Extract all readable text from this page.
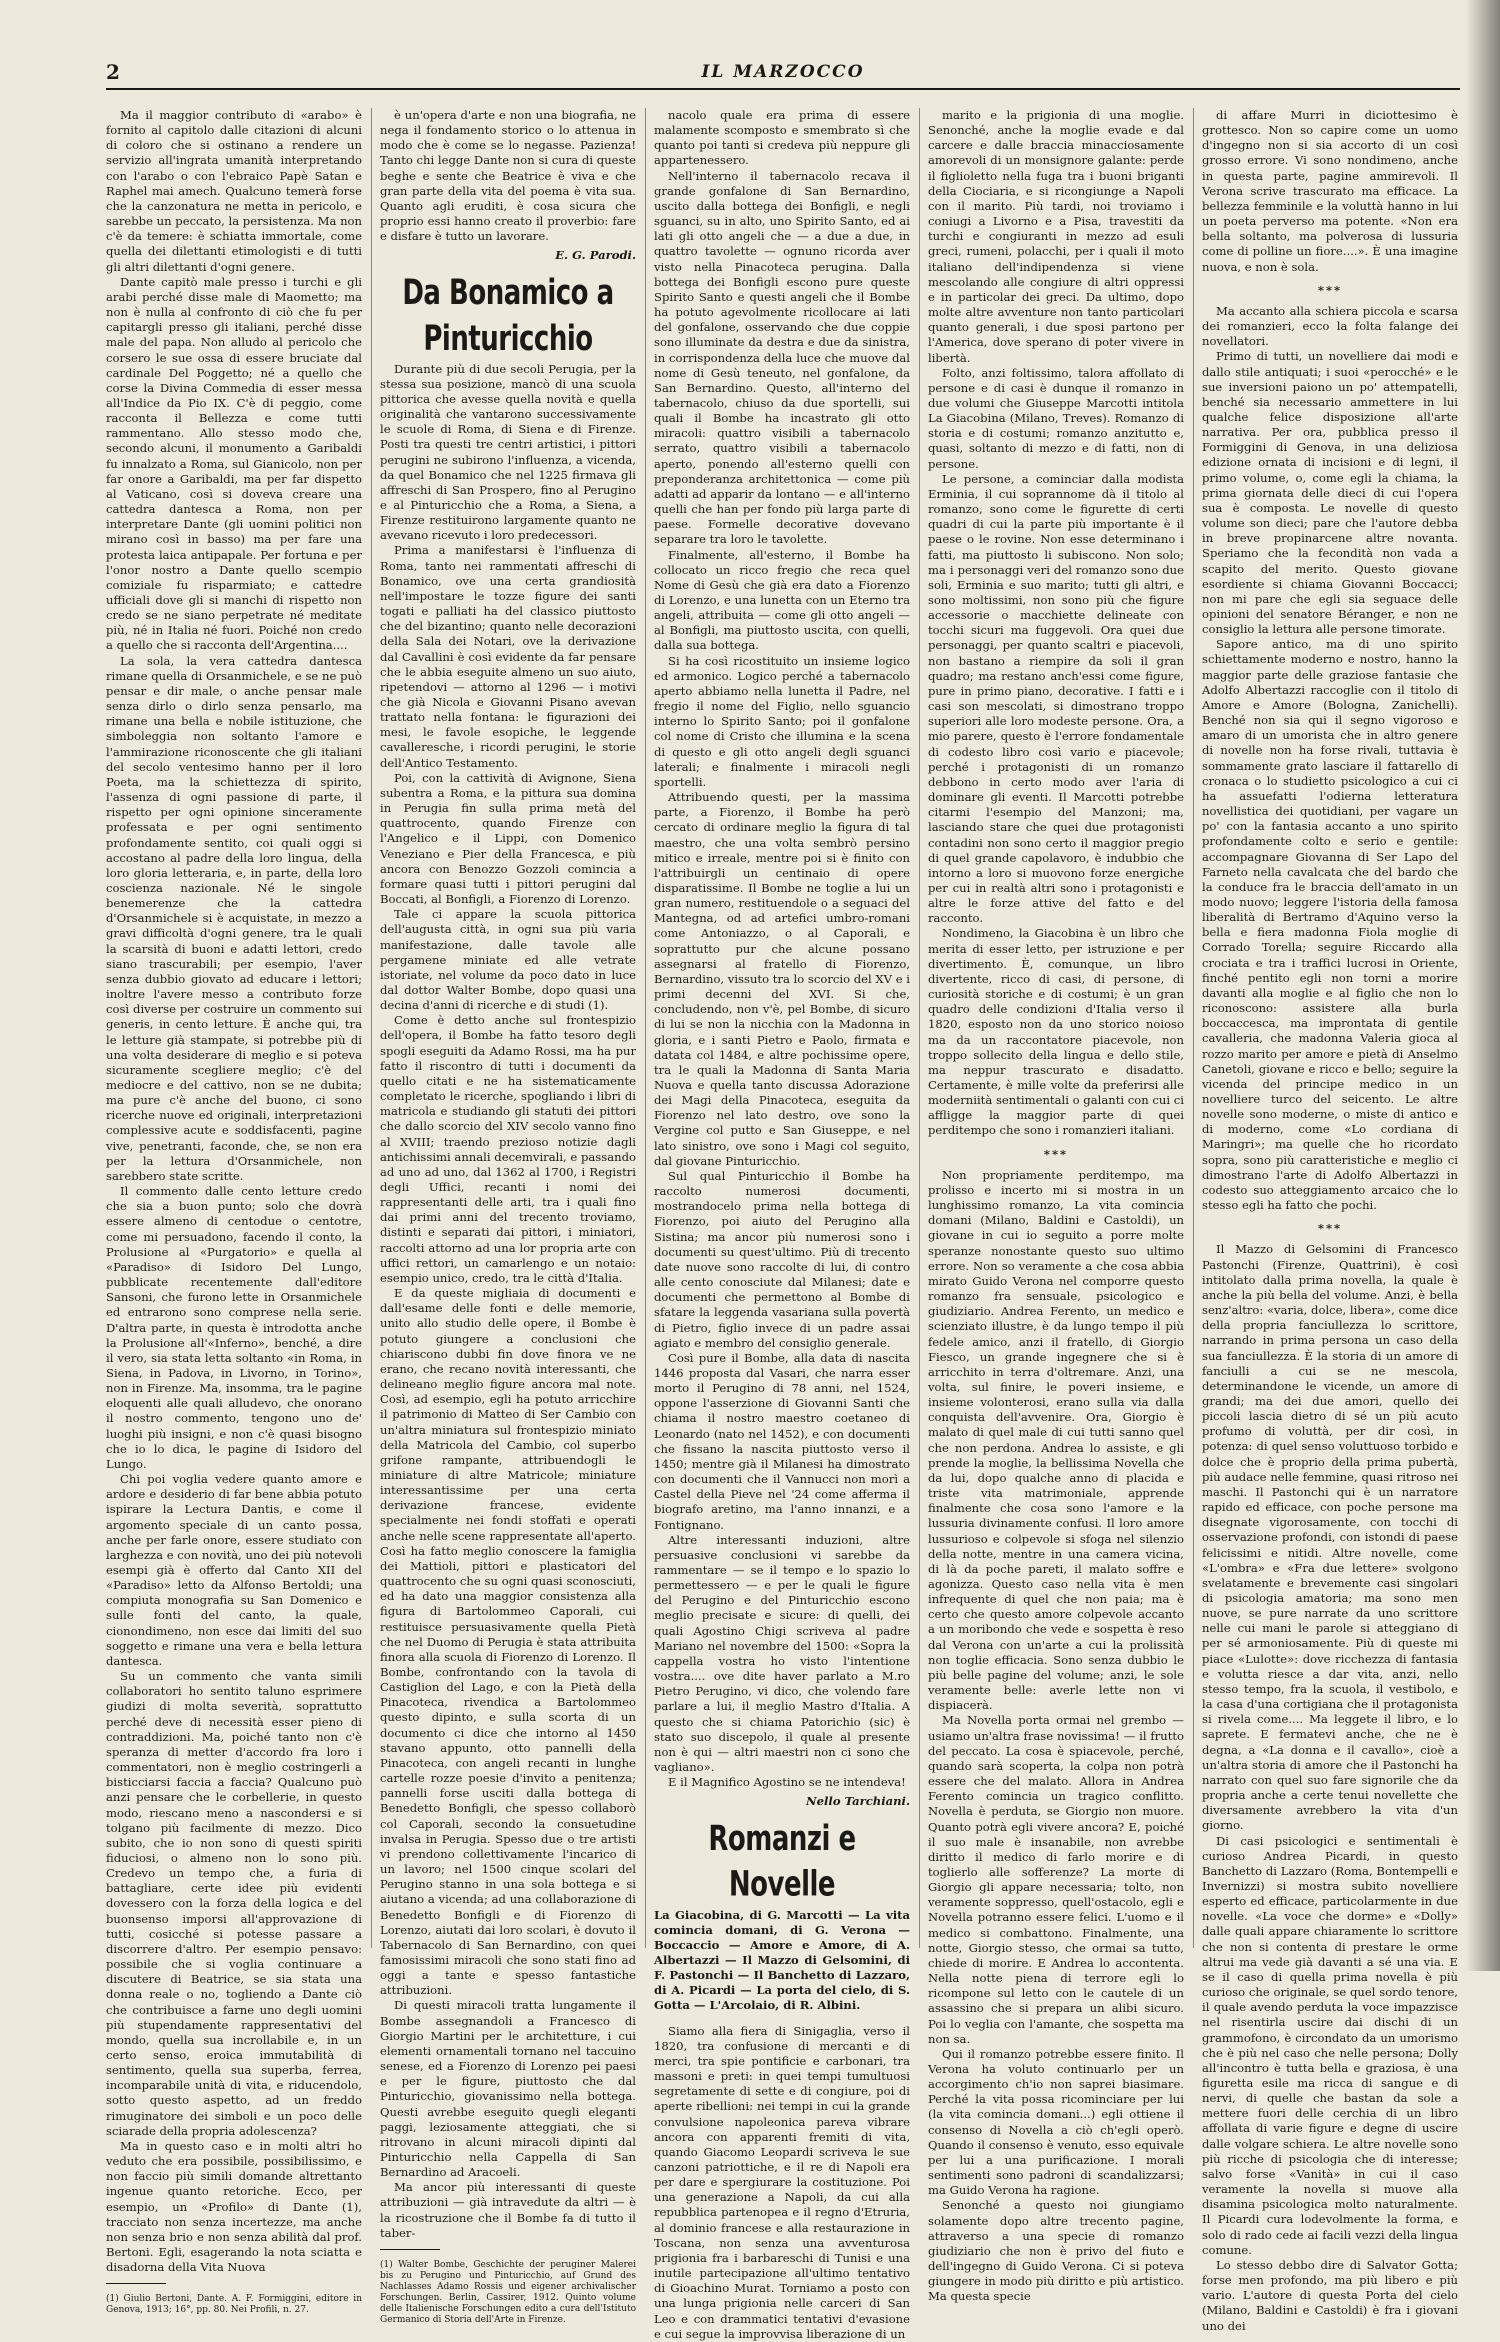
2	IL MARZOCCO

Ma il maggior contributo di «arabo» è fornito al capitolo dalle citazioni di alcuni di coloro che si ostinano a rendere un servizio all'ingrata umanità interpretando con l'arabo o con l'ebraico Papè Satan e Raphel mai amech. Qualcuno temerà forse che la canzonatura ne metta in pericolo, e sarebbe un peccato, la persistenza. Ma non c'è da temere: è schiatta immortale, come quella dei dilettanti etimologisti e di tutti gli altri dilettanti d'ogni genere.

Dante capitò male presso i turchi e gli arabi perché disse male di Maometto; ma non è nulla al confronto di ciò che fu per capitargli presso gli italiani, perché disse male del papa. Non alludo al pericolo che corsero le sue ossa di essere bruciate dal cardinale Del Poggetto; né a quello che corse la Divina Commedia di esser messa all'Indice da Pio IX. C'è di peggio, come racconta il Bellezza e come tutti rammentano. Allo stesso modo che, secondo alcuni, il monumento a Garibaldi fu innalzato a Roma, sul Gianicolo, non per far onore a Garibaldi, ma per far dispetto al Vaticano, così si doveva creare una cattedra dantesca a Roma, non per interpretare Dante (gli uomini politici non mirano così in basso) ma per fare una protesta laica antipapale. Per fortuna e per l'onor nostro a Dante quello scempio comiziale fu risparmiato; e cattedre ufficiali dove gli si manchi di rispetto non credo se ne siano perpetrate né meditate più, né in Italia né fuori. Poiché non credo a quello che si racconta dell'Argentina....

La sola, la vera cattedra dantesca rimane quella di Orsanmichele, e se ne può pensar e dir male, o anche pensar male senza dirlo o dirlo senza pensarlo, ma rimane una bella e nobile istituzione, che simboleggia non soltanto l'amore e l'ammirazione riconoscente che gli italiani del secolo ventesimo hanno per il loro Poeta, ma la schiettezza di spirito, l'assenza di ogni passione di parte, il rispetto per ogni opinione sinceramente professata e per ogni sentimento profondamente sentito, coi quali oggi si accostano al padre della loro lingua, della loro gloria letteraria, e, in parte, della loro coscienza nazionale. Né le singole benemerenze che la cattedra d'Orsanmichele si è acquistate, in mezzo a gravi difficoltà d'ogni genere, tra le quali la scarsità di buoni e adatti lettori, credo siano trascurabili; per esempio, l'aver senza dubbio giovato ad educare i lettori; inoltre l'avere messo a contributo forze così diverse per costruire un commento sui generis, in cento letture. È anche qui, tra le letture già stampate, si potrebbe più di una volta desiderare di meglio e si poteva sicuramente scegliere meglio; c'è del mediocre e del cattivo, non se ne dubita; ma pure c'è anche del buono, ci sono ricerche nuove ed originali, interpretazioni complessive acute e soddisfacenti, pagine vive, penetranti, faconde, che, se non era per la lettura d'Orsanmichele, non sarebbero state scritte.

Il commento dalle cento letture credo che sia a buon punto; solo che dovrà essere almeno di centodue o centotre, come mi persuadono, facendo il conto, la Prolusione al «Purgatorio» e quella al «Paradiso» di Isidoro Del Lungo, pubblicate recentemente dall'editore Sansoni, che furono lette in Orsanmichele ed entrarono sono comprese nella serie. D'altra parte, in questa è introdotta anche la Prolusione all'«Inferno», benché, a dire il vero, sia stata letta soltanto «in Roma, in Siena, in Padova, in Livorno, in Torino», non in Firenze. Ma, insomma, tra le pagine eloquenti alle quali alludevo, che onorano il nostro commento, tengono uno de' luoghi più insigni, e non c'è quasi bisogno che io lo dica, le pagine di Isidoro del Lungo.

Chi poi voglia vedere quanto amore e ardore e desiderio di far bene abbia potuto ispirare la Lectura Dantis, e come il argomento speciale di un canto possa, anche per farle onore, essere studiato con larghezza e con novità, uno dei più notevoli esempi già è offerto dal Canto XII del «Paradiso» letto da Alfonso Bertoldi; una compiuta monografia su San Domenico e sulle fonti del canto, la quale, cionondimeno, non esce dai limiti del suo soggetto e rimane una vera e bella lettura dantesca.

Su un commento che vanta simili collaboratori ho sentito taluno esprimere giudizi di molta severità, soprattutto perché deve di necessità esser pieno di contraddizioni. Ma, poiché tanto non c'è speranza di metter d'accordo fra loro i commentatori, non è meglio costringerli a bisticciarsi faccia a faccia? Qualcuno può anzi pensare che le corbellerie, in questo modo, riescano meno a nascondersi e si tolgano più facilmente di mezzo. Dico subito, che io non sono di questi spiriti fiduciosi, o almeno non lo sono più. Credevo un tempo che, a furia di battagliare, certe idee più evidenti dovessero con la forza della logica e del buonsenso imporsi all'approvazione di tutti, cosicché si potesse passare a discorrere d'altro. Per esempio pensavo: possibile che si voglia continuare a discutere di Beatrice, se sia stata una donna reale o no, togliendo a Dante ciò che contribuisce a farne uno degli uomini più stupendamente rappresentativi del mondo, quella sua incrollabile e, in un certo senso, eroica immutabilità di sentimento, quella sua superba, ferrea, incomparabile unità di vita, e riducendolo, sotto questo aspetto, ad un freddo rimuginatore dei simboli e un poco delle sciarade della propria adolescenza?

Ma in questo caso e in molti altri ho veduto che era possibile, possibilissimo, e non faccio più simili domande altrettanto ingenue quanto retoriche. Ecco, per esempio, un «Profilo» di Dante (1), tracciato non senza incertezze, ma anche non senza brio e non senza abilità dal prof. Bertoni. Egli, esagerando la nota sciatta e disadorna della Vita Nuova

(1) Giulio Bertoni, Dante. A. F. Formiggini, editore in Genova, 1913; 16°, pp. 80. Nei Profili, n. 27.

è un'opera d'arte e non una biografia, ne nega il fondamento storico o lo attenua in modo che è come se lo negasse. Pazienza! Tanto chi legge Dante non si cura di queste beghe e sente che Beatrice è viva e che gran parte della vita del poema è vita sua. Quanto agli eruditi, è cosa sicura che proprio essi hanno creato il proverbio: fare e disfare è tutto un lavorare.

E. G. Parodi.
Da Bonamico a Pinturicchio

Durante più di due secoli Perugia, per la stessa sua posizione, mancò di una scuola pittorica che avesse quella novità e quella originalità che vantarono successivamente le scuole di Roma, di Siena e di Firenze. Posti tra questi tre centri artistici, i pittori perugini ne subirono l'influenza, a vicenda, da quel Bonamico che nel 1225 firmava gli affreschi di San Prospero, fino al Perugino e al Pinturicchio che a Roma, a Siena, a Firenze restituirono largamente quanto ne avevano ricevuto i loro predecessori.

Prima a manifestarsi è l'influenza di Roma, tanto nei rammentati affreschi di Bonamico, ove una certa grandiosità nell'impostare le tozze figure dei santi togati e palliati ha del classico piuttosto che del bizantino; quanto nelle decorazioni della Sala dei Notari, ove la derivazione dal Cavallini è così evidente da far pensare che le abbia eseguite almeno un suo aiuto, ripetendovi — attorno al 1296 — i motivi che già Nicola e Giovanni Pisano avevan trattato nella fontana: le figurazioni dei mesi, le favole esopiche, le leggende cavalleresche, i ricordi perugini, le storie dell'Antico Testamento.

Poi, con la cattività di Avignone, Siena subentra a Roma, e la pittura sua domina in Perugia fin sulla prima metà del quattrocento, quando Firenze con l'Angelico e il Lippi, con Domenico Veneziano e Pier della Francesca, e più ancora con Benozzo Gozzoli comincia a formare quasi tutti i pittori perugini dal Boccati, al Bonfigli, a Fiorenzo di Lorenzo.

Tale ci appare la scuola pittorica dell'augusta città, in ogni sua più varia manifestazione, dalle tavole alle pergamene miniate ed alle vetrate istoriate, nel volume da poco dato in luce dal dottor Walter Bombe, dopo quasi una decina d'anni di ricerche e di studi (1).

Come è detto anche sul frontespizio dell'opera, il Bombe ha fatto tesoro degli spogli eseguiti da Adamo Rossi, ma ha pur fatto il riscontro di tutti i documenti da quello citati e ne ha sistematicamente completato le ricerche, spogliando i libri di matricola e studiando gli statuti dei pittori che dallo scorcio del XIV secolo vanno fino al XVIII; traendo prezioso notizie dagli antichissimi annali decemvirali, e passando ad uno ad uno, dal 1362 al 1700, i Registri degli Uffici, recanti i nomi dei rappresentanti delle arti, tra i quali fino dai primi anni del trecento troviamo, distinti e separati dai pittori, i miniatori, raccolti attorno ad una lor propria arte con uffici rettori, un camarlengo e un notaio: esempio unico, credo, tra le città d'Italia.

E da queste migliaia di documenti e dall'esame delle fonti e delle memorie, unito allo studio delle opere, il Bombe è potuto giungere a conclusioni che chiariscono dubbi fin dove finora ve ne erano, che recano novità interessanti, che delineano meglio figure ancora mal note. Così, ad esempio, egli ha potuto arricchire il patrimonio di Matteo di Ser Cambio con un'altra miniatura sul frontespizio miniato della Matricola del Cambio, col superbo grifone rampante, attribuendogli le miniature di altre Matricole; miniature interessantissime per una certa derivazione francese, evidente specialmente nei fondi stoffati e operati anche nelle scene rappresentate all'aperto. Così ha fatto meglio conoscere la famiglia dei Mattioli, pittori e plasticatori del quattrocento che su ogni quasi sconosciuti, ed ha dato una maggior consistenza alla figura di Bartolommeo Caporali, cui restituisce persuasivamente quella Pietà che nel Duomo di Perugia è stata attribuita finora alla scuola di Fiorenzo di Lorenzo. Il Bombe, confrontando con la tavola di Castiglion del Lago, e con la Pietà della Pinacoteca, rivendica a Bartolommeo questo dipinto, e sulla scorta di un documento ci dice che intorno al 1450 stavano appunto, otto pannelli della Pinacoteca, con angeli recanti in lunghe cartelle rozze poesie d'invito a penitenza; pannelli forse usciti dalla bottega di Benedetto Bonfigli, che spesso collaborò col Caporali, secondo la consuetudine invalsa in Perugia. Spesso due o tre artisti vi prendono collettivamente l'incarico di un lavoro; nel 1500 cinque scolari del Perugino stanno in una sola bottega e si aiutano a vicenda; ad una collaborazione di Benedetto Bonfigli e di Fiorenzo di Lorenzo, aiutati dai loro scolari, è dovuto il Tabernacolo di San Bernardino, con quei famosissimi miracoli che sono stati fino ad oggi a tante e spesso fantastiche attribuzioni.

Di questi miracoli tratta lungamente il Bombe assegnandoli a Francesco di Giorgio Martini per le architetture, i cui elementi ornamentali tornano nel taccuino senese, ed a Fiorenzo di Lorenzo pei paesi e per le figure, piuttosto che dal Pinturicchio, giovanissimo nella bottega. Questi avrebbe eseguito quegli eleganti paggi, leziosamente atteggiati, che si ritrovano in alcuni miracoli dipinti dal Pinturicchio nella Cappella di San Bernardino ad Aracoeli.

Ma ancor più interessanti di queste attribuzioni — già intravedute da altri — è la ricostruzione che il Bombe fa di tutto il taber-

(1) Walter Bombe, Geschichte der peruginer Malerei bis zu Perugino und Pinturicchio, auf Grund des Nachlasses Adamo Rossis und eigener archivalischer Forschungen. Berlin, Cassirer, 1912. Quinto volume delle Italienische Forschungen edito a cura dell'Istituto Germanico di Storia dell'Arte in Firenze.

nacolo quale era prima di essere malamente scomposto e smembrato sì che quanto poi tanti si credeva più neppure gli appartenessero.

Nell'interno il tabernacolo recava il grande gonfalone di San Bernardino, uscito dalla bottega dei Bonfigli, e negli sguanci, su in alto, uno Spirito Santo, ed ai lati gli otto angeli che — a due a due, in quattro tavolette — ognuno ricorda aver visto nella Pinacoteca perugina. Dalla bottega dei Bonfigli escono pure queste Spirito Santo e questi angeli che il Bombe ha potuto agevolmente ricollocare ai lati del gonfalone, osservando che due coppie sono illuminate da destra e due da sinistra, in corrispondenza della luce che muove dal nome di Gesù teneuto, nel gonfalone, da San Bernardino. Questo, all'interno del tabernacolo, chiuso da due sportelli, sui quali il Bombe ha incastrato gli otto miracoli: quattro visibili a tabernacolo serrato, quattro visibili a tabernacolo aperto, ponendo all'esterno quelli con preponderanza architettonica — come più adatti ad apparir da lontano — e all'interno quelli che han per fondo più larga parte di paese. Formelle decorative dovevano separare tra loro le tavolette.

Finalmente, all'esterno, il Bombe ha collocato un ricco fregio che reca quel Nome di Gesù che già era dato a Fiorenzo di Lorenzo, e una lunetta con un Eterno tra angeli, attribuita — come gli otto angeli — al Bonfigli, ma piuttosto uscita, con quelli, dalla sua bottega.

Si ha così ricostituito un insieme logico ed armonico. Logico perché a tabernacolo aperto abbiamo nella lunetta il Padre, nel fregio il nome del Figlio, nello sguancio interno lo Spirito Santo; poi il gonfalone col nome di Cristo che illumina e la scena di questo e gli otto angeli degli sguanci laterali; e finalmente i miracoli negli sportelli.

Attribuendo questi, per la massima parte, a Fiorenzo, il Bombe ha però cercato di ordinare meglio la figura di tal maestro, che una volta sembrò persino mitico e irreale, mentre poi si è finito con l'attribuirgli un centinaio di opere disparatissime. Il Bombe ne toglie a lui un gran numero, restituendole o a seguaci del Mantegna, od ad artefici umbro-romani come Antoniazzo, o al Caporali, e soprattutto pur che alcune possano assegnarsi al fratello di Fiorenzo, Bernardino, vissuto tra lo scorcio del XV e i primi decenni del XVI. Si che, concludendo, non v'è, pel Bombe, di sicuro di lui se non la nicchia con la Madonna in gloria, e i santi Pietro e Paolo, firmata e datata col 1484, e altre pochissime opere, tra le quali la Madonna di Santa Maria Nuova e quella tanto discussa Adorazione dei Magi della Pinacoteca, eseguita da Fiorenzo nel lato destro, ove sono la Vergine col putto e San Giuseppe, e nel lato sinistro, ove sono i Magi col seguito, dal giovane Pinturicchio.

Sul qual Pinturicchio il Bombe ha raccolto numerosi documenti, mostrandocelo prima nella bottega di Fiorenzo, poi aiuto del Perugino alla Sistina; ma ancor più numerosi sono i documenti su quest'ultimo. Più di trecento date nuove sono raccolte di lui, di contro alle cento conosciute dal Milanesi; date e documenti che permettono al Bombe di sfatare la leggenda vasariana sulla povertà di Pietro, figlio invece di un padre assai agiato e membro del consiglio generale.

Così pure il Bombe, alla data di nascita 1446 proposta dal Vasari, che narra esser morto il Perugino di 78 anni, nel 1524, oppone l'asserzione di Giovanni Santi che chiama il nostro maestro coetaneo di Leonardo (nato nel 1452), e con documenti che fissano la nascita piuttosto verso il 1450; mentre già il Milanesi ha dimostrato con documenti che il Vannucci non morì a Castel della Pieve nel '24 come afferma il biografo aretino, ma l'anno innanzi, e a Fontignano.

Altre interessanti induzioni, altre persuasive conclusioni vi sarebbe da rammentare — se il tempo e lo spazio lo permettessero — e per le quali le figure del Perugino e del Pinturicchio escono meglio precisate e sicure: di quelli, dei quali Agostino Chigi scriveva al padre Mariano nel novembre del 1500: «Sopra la cappella vostra ho visto l'intentione vostra.... ove dite haver parlato a M.ro Pietro Perugino, vi dico, che volendo fare parlare a lui, il meglio Mastro d'Italia. A questo che si chiama Patorichio (sic) è stato suo discepolo, il quale al presente non è qui — altri maestri non ci sono che vagliano».

E il Magnifico Agostino se ne intendeva!

Nello Tarchiani.
Romanzi e Novelle
La Giacobina, di G. Marcotti — La vita comincia domani, di G. Verona — Boccaccio — Amore e Amore, di A. Albertazzi — Il Mazzo di Gelsomini, di F. Pastonchi — Il Banchetto di Lazzaro, di A. Picardi — La porta del cielo, di S. Gotta — L'Arcolaio, di R. Albini.

Siamo alla fiera di Sinigaglia, verso il 1820, tra confusione di mercanti e di merci, tra spie pontificie e carbonari, tra massoni e preti: in quei tempi tumultuosi segretamente di sette e di congiure, poi di aperte ribellioni: nei tempi in cui la grande convulsione napoleonica pareva vibrare ancora con apparenti fremiti di vita, quando Giacomo Leopardi scriveva le sue canzoni patriottiche, e il re di Napoli era per dare e spergiurare la costituzione. Poi una generazione a Napoli, da cui alla repubblica partenopea e il regno d'Etruria, al dominio francese e alla restaurazione in Toscana, non senza una avventurosa prigionia fra i barbareschi di Tunisi e una inutile partecipazione all'ultimo tentativo di Gioachino Murat. Torniamo a posto con una lunga prigionia nelle carceri di San Leo e con drammatici tentativi d'evasione e cui segue la improvvisa liberazione di un

marito e la prigionia di una moglie. Senonché, anche la moglie evade e dal carcere e dalle braccia minacciosamente amorevoli di un monsignore galante: perde il figlioletto nella fuga tra i buoni briganti della Ciociaria, e si ricongiunge a Napoli con il marito. Più tardi, noi troviamo i coniugi a Livorno e a Pisa, travestiti da turchi e congiuranti in mezzo ad esuli greci, rumeni, polacchi, per i quali il moto italiano dell'indipendenza si viene mescolando alle congiure di altri oppressi e in particolar dei greci. Da ultimo, dopo molte altre avventure non tanto particolari quanto generali, i due sposi partono per l'America, dove sperano di poter vivere in libertà.

Folto, anzi foltissimo, talora affollato di persone e di casi è dunque il romanzo in due volumi che Giuseppe Marcotti intitola La Giacobina (Milano, Treves). Romanzo di storia e di costumi; romanzo anzitutto e, quasi, soltanto di mezzo e di fatti, non di persone.

Le persone, a cominciar dalla modista Erminia, il cui soprannome dà il titolo al romanzo, sono come le figurette di certi quadri di cui la parte più importante è il paese o le rovine. Non esse determinano i fatti, ma piuttosto li subiscono. Non solo; ma i personaggi veri del romanzo sono due soli, Erminia e suo marito; tutti gli altri, e sono moltissimi, non sono più che figure accessorie o macchiette delineate con tocchi sicuri ma fuggevoli. Ora quei due personaggi, per quanto scaltri e piacevoli, non bastano a riempire da soli il gran quadro; ma restano anch'essi come figure, pure in primo piano, decorative. I fatti e i casi son mescolati, si dimostrano troppo superiori alle loro modeste persone. Ora, a mio parere, questo è l'errore fondamentale di codesto libro così vario e piacevole; perché i protagonisti di un romanzo debbono in certo modo aver l'aria di dominare gli eventi. Il Marcotti potrebbe citarmi l'esempio del Manzoni; ma, lasciando stare che quei due protagonisti contadini non sono certo il maggior pregio di quel grande capolavoro, è indubbio che intorno a loro si muovono forze energiche per cui in realtà altri sono i protagonisti e altre le forze attive del fatto e del racconto.

Nondimeno, la Giacobina è un libro che merita di esser letto, per istruzione e per divertimento. È, comunque, un libro divertente, ricco di casi, di persone, di curiosità storiche e di costumi; è un gran quadro delle condizioni d'Italia verso il 1820, esposto non da uno storico noioso ma da un raccontatore piacevole, non troppo sollecito della lingua e dello stile, ma neppur trascurato e disadatto. Certamente, è mille volte da preferirsi alle moderniità sentimentali o galanti con cui ci affligge la maggior parte di quei perditempo che sono i romanzieri italiani.

***

Non propriamente perditempo, ma prolisso e incerto mi si mostra in un lunghissimo romanzo, La vita comincia domani (Milano, Baldini e Castoldi), un giovane in cui io seguito a porre molte speranze nonostante questo suo ultimo errore. Non so veramente a che cosa abbia mirato Guido Verona nel comporre questo romanzo fra sensuale, psicologico e giudiziario. Andrea Ferento, un medico e scienziato illustre, è da lungo tempo il più fedele amico, anzi il fratello, di Giorgio Fiesco, un grande ingegnere che si è arricchito in terra d'oltremare. Anzi, una volta, sul finire, le poveri insieme, e insieme volonterosi, erano sulla via dalla conquista dell'avvenire. Ora, Giorgio è malato di quel male di cui tutti sanno quel che non perdona. Andrea lo assiste, e gli prende la moglie, la bellissima Novella che da lui, dopo qualche anno di placida e triste vita matrimoniale, apprende finalmente che cosa sono l'amore e la lussuria divinamente confusi. Il loro amore lussurioso e colpevole si sfoga nel silenzio della notte, mentre in una camera vicina, di là da poche pareti, il malato soffre e agonizza. Questo caso nella vita è men infrequente di quel che non paia; ma è certo che questo amore colpevole accanto a un moribondo che vede e sospetta è reso dal Verona con un'arte a cui la prolissità non toglie efficacia. Sono senza dubbio le più belle pagine del volume; anzi, le sole veramente belle: averle lette non vi dispiacerà.

Ma Novella porta ormai nel grembo — usiamo un'altra frase novissima! — il frutto del peccato. La cosa è spiacevole, perché, quando sarà scoperta, la colpa non potrà essere che del malato. Allora in Andrea Ferento comincia un tragico conflitto. Novella è perduta, se Giorgio non muore. Quanto potrà egli vivere ancora? E, poiché il suo male è insanabile, non avrebbe diritto il medico di farlo morire e di toglierlo alle sofferenze? La morte di Giorgio gli appare necessaria; tolto, non veramente soppresso, quell'ostacolo, egli e Novella potranno essere felici. L'uomo e il medico si combattono. Finalmente, una notte, Giorgio stesso, che ormai sa tutto, chiede di morire. E Andrea lo accontenta. Nella notte piena di terrore egli lo ricompone sul letto con le cautele di un assassino che si prepara un alibi sicuro. Poi lo veglia con l'amante, che sospetta ma non sa.

Qui il romanzo potrebbe essere finito. Il Verona ha voluto continuarlo per un accorgimento ch'io non saprei biasimare. Perché la vita possa ricominciare per lui (la vita comincia domani...) egli ottiene il consenso di Novella a ciò ch'egli operò. Quando il consenso è venuto, esso equivale per lui a una purificazione. I morali sentimenti sono padroni di scandalizzarsi; ma Guido Verona ha ragione.

Senonché a questo noi giungiamo solamente dopo altre trecento pagine, attraverso a una specie di romanzo giudiziario che non è privo del fiuto e dell'ingegno di Guido Verona. Ci si poteva giungere in modo più diritto e più artistico. Ma questa specie

di affare Murri in diciottesimo è grottesco. Non so capire come un uomo d'ingegno non si sia accorto di un così grosso errore. Vi sono nondimeno, anche in questa parte, pagine ammirevoli. Il Verona scrive trascurato ma efficace. La bellezza femminile e la voluttà hanno in lui un poeta perverso ma potente. «Non era bella soltanto, ma polverosa di lussuria come di polline un fiore....». È una imagine nuova, e non è sola.

***

Ma accanto alla schiera piccola e scarsa dei romanzieri, ecco la folta falange dei novellatori.

Primo di tutti, un novelliere dai modi e dallo stile antiquati; i suoi «perocché» e le sue inversioni paiono un po' attempatelli, benché sia necessario ammettere in lui qualche felice disposizione all'arte narrativa. Per ora, pubblica presso il Formiggini di Genova, in una deliziosa edizione ornata di incisioni e di legni, il primo volume, o, come egli la chiama, la prima giornata delle dieci di cui l'opera sua è composta. Le novelle di questo volume son dieci; pare che l'autore debba in breve propinarcene altre novanta. Speriamo che la fecondità non vada a scapito del merito. Questo giovane esordiente si chiama Giovanni Boccacci; non mi pare che egli sia seguace delle opinioni del senatore Béranger, e non ne consiglio la lettura alle persone timorate.

Sapore antico, ma di uno spirito schiettamente moderno e nostro, hanno la maggior parte delle graziose fantasie che Adolfo Albertazzi raccoglie con il titolo di Amore e Amore (Bologna, Zanichelli). Benché non sia qui il segno vigoroso e amaro di un umorista che in altro genere di novelle non ha forse rivali, tuttavia è sommamente grato lasciare il fattarello di cronaca o lo studietto psicologico a cui ci ha assuefatti l'odierna letteratura novellistica dei quotidiani, per vagare un po' con la fantasia accanto a uno spirito profondamente colto e serio e gentile: accompagnare Giovanna di Ser Lapo del Farneto nella cavalcata che del bardo che la conduce fra le braccia dell'amato in un modo nuovo; leggere l'istoria della famosa liberalità di Bertramo d'Aquino verso la bella e fiera madonna Fiola moglie di Corrado Torella; seguire Riccardo alla crociata e tra i traffici lucrosi in Oriente, finché pentito egli non torni a morire davanti alla moglie e al figlio che non lo riconoscono: assistere alla burla boccaccesca, ma improntata di gentile cavalleria, che madonna Valeria gioca al rozzo marito per amore e pietà di Anselmo Canetoli, giovane e ricco e bello; seguire la vicenda del principe medico in un novelliere turco del seicento. Le altre novelle sono moderne, o miste di antico e di moderno, come «Lo cordiana di Maringri»; ma quelle che ho ricordato sopra, sono più caratteristiche e meglio ci dimostrano l'arte di Adolfo Albertazzi in codesto suo atteggiamento arcaico che lo stesso egli ha fatto che pochi.

***

Il Mazzo di Gelsomini di Francesco Pastonchi (Firenze, Quattrini), è così intitolato dalla prima novella, la quale è anche la più bella del volume. Anzi, è bella senz'altro: «varia, dolce, libera», come dice della propria fanciullezza lo scrittore, narrando in prima persona un caso della sua fanciullezza. È la storia di un amore di fanciulli a cui se ne mescola, determinandone le vicende, un amore di grandi; ma dei due amori, quello dei piccoli lascia dietro di sé un più acuto profumo di voluttà, per dir così, in potenza: di quel senso voluttuoso torbido e dolce che è proprio della prima pubertà, più audace nelle femmine, quasi ritroso nei maschi. Il Pastonchi qui è un narratore rapido ed efficace, con poche persone ma disegnate vigorosamente, con tocchi di osservazione profondi, con istondi di paese felicissimi e nitidi. Altre novelle, come «L'ombra» e «Fra due lettere» svolgono svelatamente e brevemente casi singolari di psicologia amatoria; ma sono men nuove, se pure narrate da uno scrittore nelle cui mani le parole si atteggiano di per sé armoniosamente. Più di queste mi piace «Lulotte»: dove ricchezza di fantasia e volutta riesce a dar vita, anzi, nello stesso tempo, fra la scuola, il vestibolo, e la casa d'una cortigiana che il protagonista si rivela come.... Ma leggete il libro, e lo saprete. E fermatevi anche, che ne è degna, a «La donna e il cavallo», cioè a un'altra storia di amore che il Pastonchi ha narrato con quel suo fare signorile che da propria anche a certe tenui novellette che diversamente avrebbero la vita d'un giorno.

Di casi psicologici e sentimentali è curioso Andrea Picardi, in questo Banchetto di Lazzaro (Roma, Bontempelli e Invernizzi) si mostra subito novelliere esperto ed efficace, particolarmente in due novelle. «La voce che dorme» e «Dolly» dalle quali appare chiaramente lo scrittore che non si contenta di prestare le orme altrui ma vede già davanti a sé una via. E se il caso di quella prima novella è più curioso che originale, se quel sordo tenore, il quale avendo perduta la voce impazzisce nel risentirla uscire dai dischi di un grammofono, è circondato da un umorismo che è più nel caso che nelle persona; Dolly all'incontro è tutta bella e graziosa, è una figuretta esile ma ricca di sangue e di nervi, di quelle che bastan da sole a mettere fuori delle cerchia di un libro affollata di varie figure e degne di uscire dalle volgare schiera. Le altre novelle sono più ricche di psicologia che di interesse; salvo forse «Vanità» in cui il caso veramente la novella si muove alla disamina psicologica molto naturalmente. Il Picardi cura lodevolmente la forma, e solo di rado cede ai facili vezzi della lingua comune.

Lo stesso debbo dire di Salvator Gotta; forse men profondo, ma più libero e più vario. L'autore di questa Porta del cielo (Milano, Baldini e Castoldi) è fra i giovani uno dei
